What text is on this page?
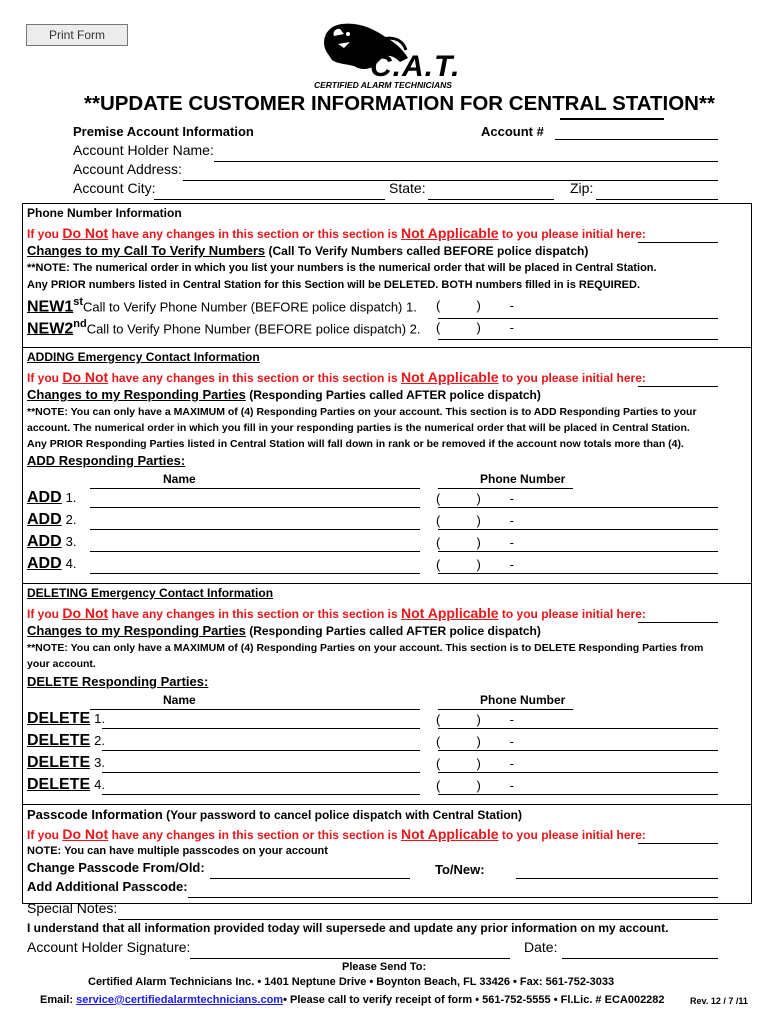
Print Form
C.A.T.
CERTIFIED ALARM TECHNICIANS
**UPDATE CUSTOMER INFORMATION FOR CENTRAL STATION**
Premise Account Information	Account #
Account Holder Name:
Account Address:
Account City:	State:	Zip:
Phone Number Information
If you Do Not have any changes in this section or this section is Not Applicable to you please initial here:
Changes to my Call To Verify Numbers (Call To Verify Numbers called BEFORE police dispatch)
**NOTE: The numerical order in which you list your numbers is the numerical order that will be placed in Central Station.
Any PRIOR numbers listed in Central Station for this Section will be DELETED. BOTH numbers filled in is REQUIRED.
NEW1stCall to Verify Phone Number (BEFORE police dispatch) 1. (          )        -
NEW2ndCall to Verify Phone Number (BEFORE police dispatch) 2. (          )        -
ADDING Emergency Contact Information
If you Do Not have any changes in this section or this section is Not Applicable to you please initial here:
Changes to my Responding Parties (Responding Parties called AFTER police dispatch)
**NOTE: You can only have a MAXIMUM of (4) Responding Parties on your account. This section is to ADD Responding Parties to your
account. The numerical order in which you fill in your responding parties is the numerical order that will be placed in Central Station.
Any PRIOR Responding Parties listed in Central Station will fall down in rank or be removed if the account now totals more than (4).
ADD Responding Parties:
Name	Phone Number
ADD 1.	(          )        -
ADD 2.	(          )        -
ADD 3.	(          )        -
ADD 4.	(          )        -
DELETING Emergency Contact Information
If you Do Not have any changes in this section or this section is Not Applicable to you please initial here:
Changes to my Responding Parties (Responding Parties called AFTER police dispatch)
**NOTE: You can only have a MAXIMUM of (4) Responding Parties on your account. This section is to DELETE Responding Parties from
your account.
DELETE Responding Parties:
Name	Phone Number
DELETE 1.	(          )        -
DELETE 2.	(          )        -
DELETE 3.	(          )        -
DELETE 4.	(          )        -
Passcode Information (Your password to cancel police dispatch with Central Station)
If you Do Not have any changes in this section or this section is Not Applicable to you please initial here:
NOTE: You can have multiple passcodes on your account
Change Passcode From/Old:	To/New:
Add Additional Passcode:
Special Notes:
I understand that all information provided today will supersede and update any prior information on my account.
Account Holder Signature:	Date:
Please Send To:
Certified Alarm Technicians Inc. • 1401 Neptune Drive • Boynton Beach, FL 33426 • Fax: 561-752-3033
Email: service@certifiedalarmtechnicians.com• Please call to verify receipt of form • 561-752-5555 • Fl.Lic. # ECA002282	Rev. 12 / 7 /11
